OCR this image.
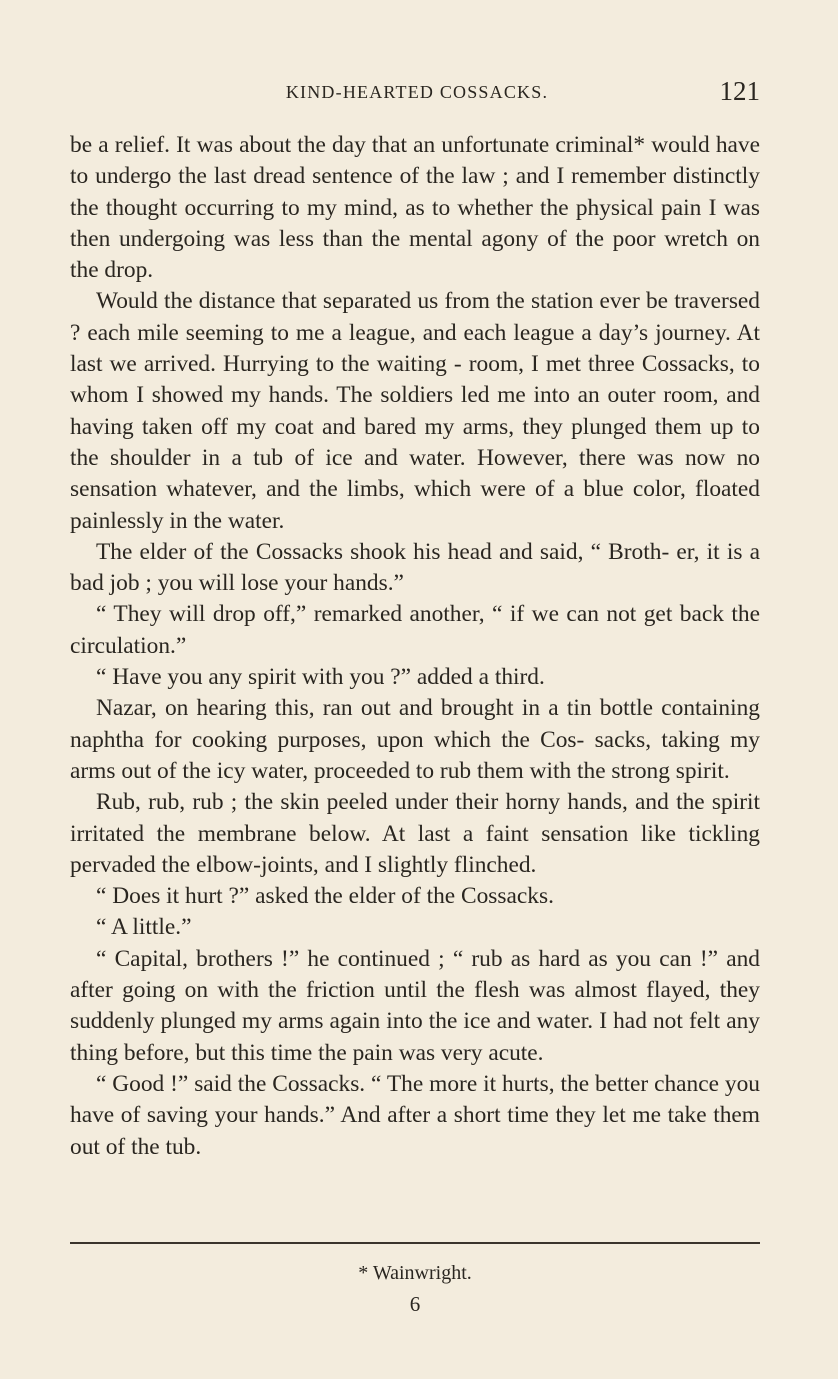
KIND-HEARTED COSSACKS.	121

be a relief. It was about the day that an unfortunate criminal* would have to undergo the last dread sentence of the law ; and I remember distinctly the thought occurring to my mind, as to whether the physical pain I was then undergoing was less than the mental agony of the poor wretch on the drop.

Would the distance that separated us from the station ever be traversed ? each mile seeming to me a league, and each league a day’s journey. At last we arrived. Hurrying to the waiting - room, I met three Cossacks, to whom I showed my hands. The soldiers led me into an outer room, and having taken off my coat and bared my arms, they plunged them up to the shoulder in a tub of ice and water. However, there was now no sensation whatever, and the limbs, which were of a blue color, floated painlessly in the water.

The elder of the Cossacks shook his head and said, “ Broth- er, it is a bad job ; you will lose your hands.”

“ They will drop off,” remarked another, “ if we can not get back the circulation.”

“ Have you any spirit with you ?” added a third.

Nazar, on hearing this, ran out and brought in a tin bottle containing naphtha for cooking purposes, upon which the Cos- sacks, taking my arms out of the icy water, proceeded to rub them with the strong spirit.

Rub, rub, rub ; the skin peeled under their horny hands, and the spirit irritated the membrane below. At last a faint sensation like tickling pervaded the elbow-joints, and I slightly flinched.

“ Does it hurt ?” asked the elder of the Cossacks.

“ A little.”

“ Capital, brothers !” he continued ; “ rub as hard as you can !” and after going on with the friction until the flesh was almost flayed, they suddenly plunged my arms again into the ice and water. I had not felt any thing before, but this time the pain was very acute.

“ Good !” said the Cossacks. “ The more it hurts, the better chance you have of saving your hands.” And after a short time they let me take them out of the tub.

* Wainwright.
6
